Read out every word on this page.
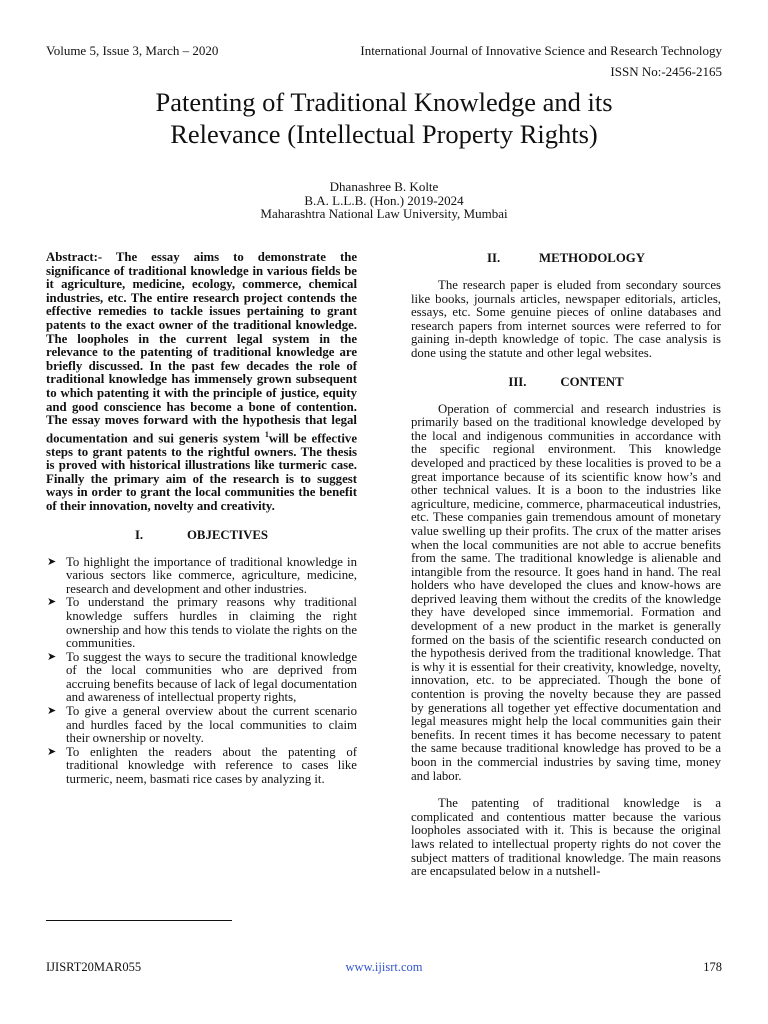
Volume 5, Issue 3, March – 2020	International Journal of Innovative Science and Research Technology
ISSN No:-2456-2165
Patenting of Traditional Knowledge and its
Relevance (Intellectual Property Rights)
Dhanashree B. Kolte
B.A. L.L.B. (Hon.) 2019-2024
Maharashtra National Law University, Mumbai

Abstract:- The essay aims to demonstrate the significance of traditional knowledge in various fields be it agriculture, medicine, ecology, commerce, chemical industries, etc. The entire research project contends the effective remedies to tackle issues pertaining to grant patents to the exact owner of the traditional knowledge. The loopholes in the current legal system in the relevance to the patenting of traditional knowledge are briefly discussed. In the past few decades the role of traditional knowledge has immensely grown subsequent to which patenting it with the principle of justice, equity and good conscience has become a bone of contention. The essay moves forward with the hypothesis that legal documentation and sui generis system $^1$will be effective steps to grant patents to the rightful owners. The thesis is proved with historical illustrations like turmeric case. Finally the primary aim of the research is to suggest ways in order to grant the local communities the benefit of their innovation, novelty and creativity.

I.	OBJECTIVES
➤ To highlight the importance of traditional knowledge in various sectors like commerce, agriculture, medicine, research and development and other industries.
➤ To understand the primary reasons why traditional knowledge suffers hurdles in claiming the right ownership and how this tends to violate the rights on the communities.
➤ To suggest the ways to secure the traditional knowledge of the local communities who are deprived from accruing benefits because of lack of legal documentation and awareness of intellectual property rights,
➤ To give a general overview about the current scenario and hurdles faced by the local communities to claim their ownership or novelty.
➤ To enlighten the readers about the patenting of traditional knowledge with reference to cases like turmeric, neem, basmati rice cases by analyzing it.
II.	METHODOLOGY

The research paper is eluded from secondary sources like books, journals articles, newspaper editorials, articles, essays, etc. Some genuine pieces of online databases and research papers from internet sources were referred to for gaining in-depth knowledge of topic. The case analysis is done using the statute and other legal websites.

III.	CONTENT

Operation of commercial and research industries is primarily based on the traditional knowledge developed by the local and indigenous communities in accordance with the specific regional environment. This knowledge developed and practiced by these localities is proved to be a great importance because of its scientific know how’s and other technical values. It is a boon to the industries like agriculture, medicine, commerce, pharmaceutical industries, etc. These companies gain tremendous amount of monetary value swelling up their profits. The crux of the matter arises when the local communities are not able to accrue benefits from the same. The traditional knowledge is alienable and intangible from the resource. It goes hand in hand. The real holders who have developed the clues and know-hows are deprived leaving them without the credits of the knowledge they have developed since immemorial. Formation and development of a new product in the market is generally formed on the basis of the scientific research conducted on the hypothesis derived from the traditional knowledge. That is why it is essential for their creativity, knowledge, novelty, innovation, etc. to be appreciated. Though the bone of contention is proving the novelty because they are passed by generations all together yet effective documentation and legal measures might help the local communities gain their benefits. In recent times it has become necessary to patent the same because traditional knowledge has proved to be a boon in the commercial industries by saving time, money and labor.

The patenting of traditional knowledge is a complicated and contentious matter because the various loopholes associated with it. This is because the original laws related to intellectual property rights do not cover the subject matters of traditional knowledge. The main reasons are encapsulated below in a nutshell-

IJISRT20MAR055	www.ijisrt.com	178
